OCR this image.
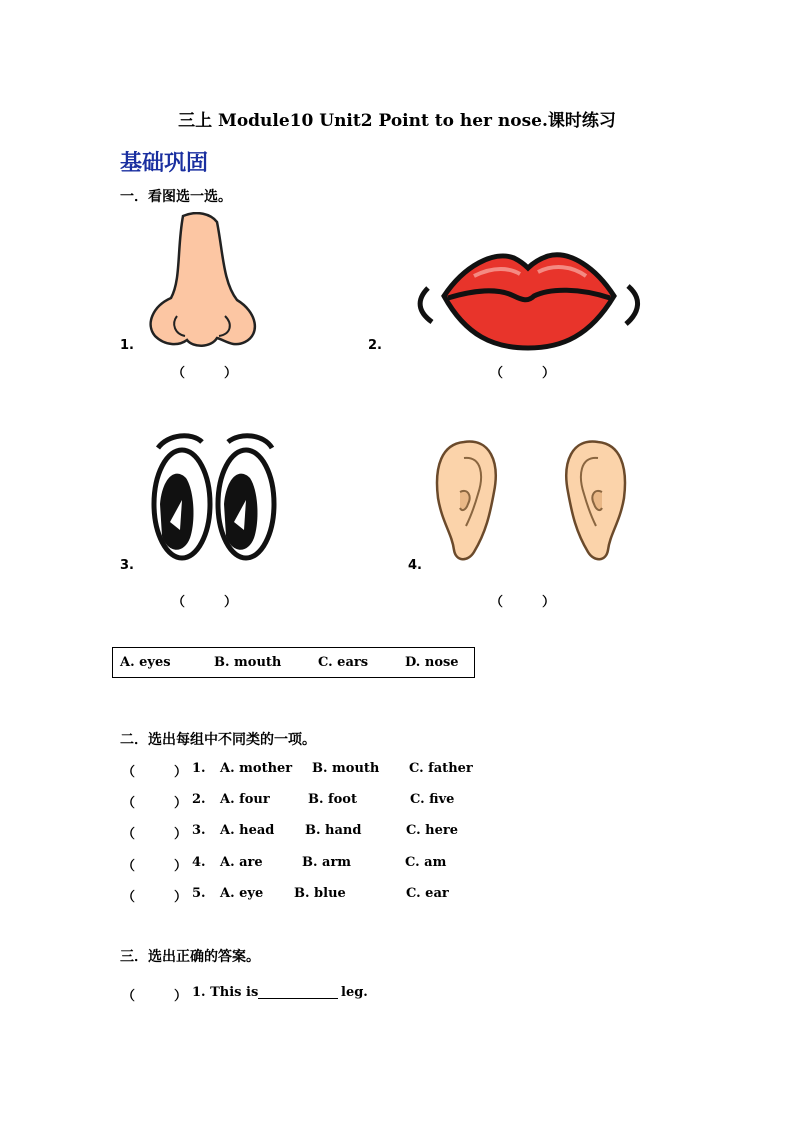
三上 Module10 Unit2 Point to her nose.课时练习
基础巩固
一．看图选一选。
1.
（　　　）
2.
（　　　）
3.
（　　　）
4.
（　　　）
A. eyes	B. mouth	C. ears	D. nose
二．选出每组中不同类的一项。
（　　　） 1. A. mother B. mouth C. father
（　　　） 2. A. four	B. foot	C. five
（　　　） 3. A. head B. hand	C. here
（　　　） 4. A. are	B. arm	C. am
（　　　） 5. A. eye B. blue	C. ear
三．选出正确的答案。
（　　　） 1. This is	leg.
